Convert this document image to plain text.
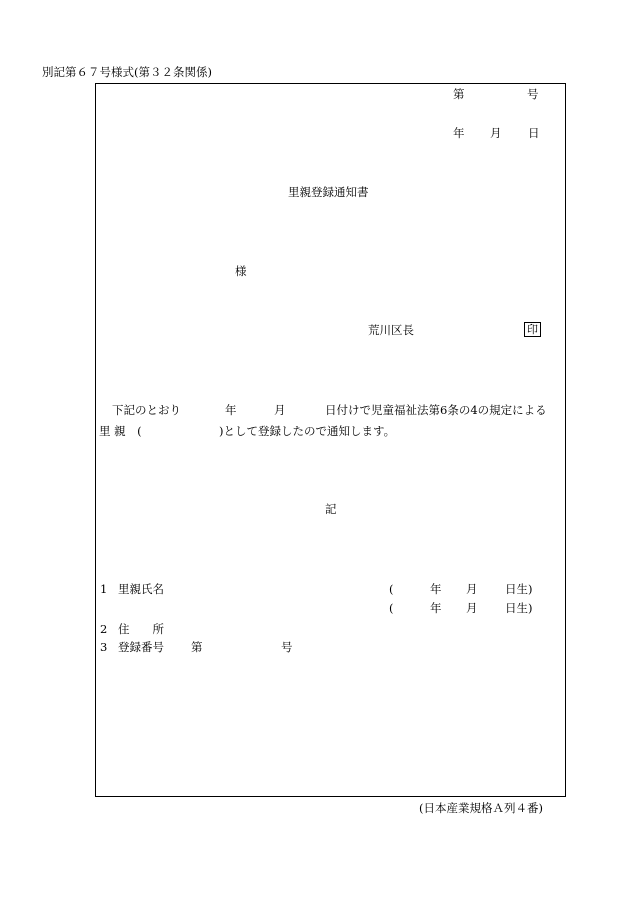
別記第６７号様式(第３２条関係)
第	号
年 月 日
里親登録通知書
様
荒川区長	印
下記のとおり	年	月	日付けで児童福祉法第6条の4の規定による
里 親　(	)として登録したので通知します。
記
1 里親氏名	(	年 月 日生)
(	年 月 日生)
2 住　　所
3 登録番号 第	号
(日本産業規格Ａ列４番)
